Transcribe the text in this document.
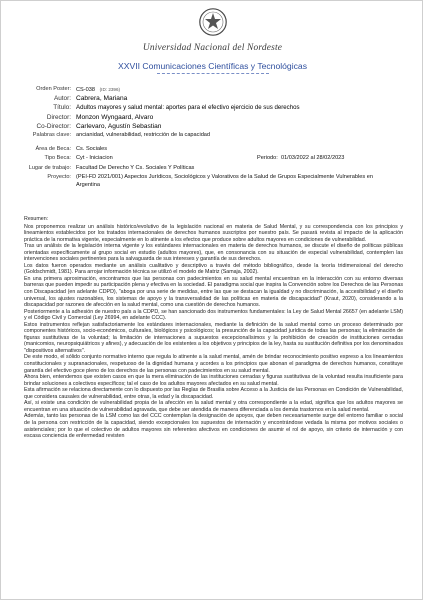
Universidad Nacional del Nordeste
XXVII Comunicaciones Científicas y Tecnológicas
Orden Poster: CS-038 (ID: 2396)
Autor: Cabrera, Mariana
Título: Adultos mayores y salud mental: aportes para el efectivo ejercicio de sus derechos
Director: Monzon Wyngaard, Alvaro
Co-Director: Carlevaro, Agustín Sebastian
Palabras clave: ancianidad, vulnerabilidad, restricción de la capacidad
Área de Beca: Cs. Sociales
Tipo Beca: Cyt - Iniciacion	Periodo: 01/03/2022 al 28/02/2023
Lugar de trabajo: Facultad De Derecho Y Cs. Sociales Y Políticas
Proyecto: (PEI-FD 2021/001) Aspectos Jurídicos, Sociológicos y Valorativos de la Salud de Grupos Especialmente Vulnerables en Argentina
Resumen:

Nos proponemos realizar un análisis histórico/evolutivo de la legislación nacional en materia de Salud Mental, y su correspondencia con los principios y lineamientos establecidos por los tratados internacionales de derechos humanos suscriptos por nuestro país. Se pasará revista al impacto de la aplicación práctica de la normativa vigente, especialmente en lo atinente a los efectos que produce sobre adultos mayores en condiciones de vulnerabilidad.

Tras un análisis de la legislación interna vigente y los estándares internacionales en materia de derechos humanos, se discute el diseño de políticas públicas orientadas específicamente al grupo social en estudio (adultos mayores), que, en consonancia con su situación de especial vulnerabilidad, contemplen las intervenciones sociales pertinentes para la salvaguarda de sus intereses y garantía de sus derechos.

Los datos fueron operados mediante un análisis cualitativo y descriptivo a través del método bibliográfico, desde la teoría tridimensional del derecho (Goldschmidt, 1981). Para arrojar información técnica se utilizó el modelo de Matriz (Samaja, 2002).

En una primera aproximación, encontramos que las personas con padecimientos en su salud mental encuentran en la interacción con su entorno diversas barreras que pueden impedir su participación plena y efectiva en la sociedad. El paradigma social que inspira la Convención sobre los Derechos de las Personas con Discapacidad (en adelante CDPD), "aboga por una serie de medidas, entre las que se destacan la igualdad y no discriminación, la accesibilidad y el diseño universal, los ajustes razonables, los sistemas de apoyo y la transversalidad de las políticas en materia de discapacidad" (Kraut, 2020), considerando a la discapacidad por razones de afección en la salud mental, como una cuestión de derechos humanos.

Posteriormente a la adhesión de nuestro país a la CDPD, se han sancionado dos instrumentos fundamentales: la Ley de Salud Mental 26657 (en adelante LSM) y el Código Civil y Comercial (Ley 26994, en adelante CCC).

Estos instrumentos reflejan satisfactoriamente los estándares internacionales, mediante la definición de la salud mental como un proceso determinado por componentes históricos, socio-económicos, culturales, biológicos y psicológicos; la presunción de la capacidad jurídica de todas las personas; la eliminación de figuras sustitutivas de la voluntad; la limitación de internaciones a supuestos excepcionalísimos y la prohibición de creación de instituciones cerradas (manicomios, neuropsiquiátricos y afines), y adecuación de los existentes a los objetivos y principios de la ley, hasta su sustitución definitiva por los denominados "dispositivos alternativos".

De este modo, el sólido conjunto normativo interno que regula lo atinente a la salud mental, amén de brindar reconocimiento positivo expreso a los lineamientos constitucionales y supranacionales, respetuoso de la dignidad humana y acordes a los principios que abonan el paradigma de derechos humanos, constituye garantía del efectivo goce pleno de los derechos de las personas con padecimientos en su salud mental.

Ahora bien, entendemos que existen casos en que la mera eliminación de las instituciones cerradas y figuras sustitutivas de la voluntad resulta insuficiente para brindar soluciones a colectivos específicos; tal el caso de los adultos mayores afectados en su salud mental.

Esta afirmación se relaciona directamente con lo dispuesto por las Reglas de Brasilia sobre Acceso a la Justicia de las Personas en Condición de Vulnerabilidad, que considera causales de vulnerabilidad, entre otras, la edad y la discapacidad.

Así, si existe una condición de vulnerabilidad propia de la afección en la salud mental y otra correspondiente a la edad, significa que los adultos mayores se encuentran en una situación de vulnerabilidad agravada, que debe ser atendida de manera diferenciada a los demás trastornos en la salud mental.

Además, tanto las personas de la LSM como las del CCC contemplan la designación de apoyos, que deben necesariamente surge del entorno familiar o social de la persona con restricción de la capacidad, siendo excepcionales los supuestos de internación y encontrándose vedada la misma por motivos sociales o asistenciales; por lo que el colectivo de adultos mayores sin referentes afectivos en condiciones de asumir el rol de apoyo, sin criterio de internación y con escasa conciencia de enfermedad revisten
